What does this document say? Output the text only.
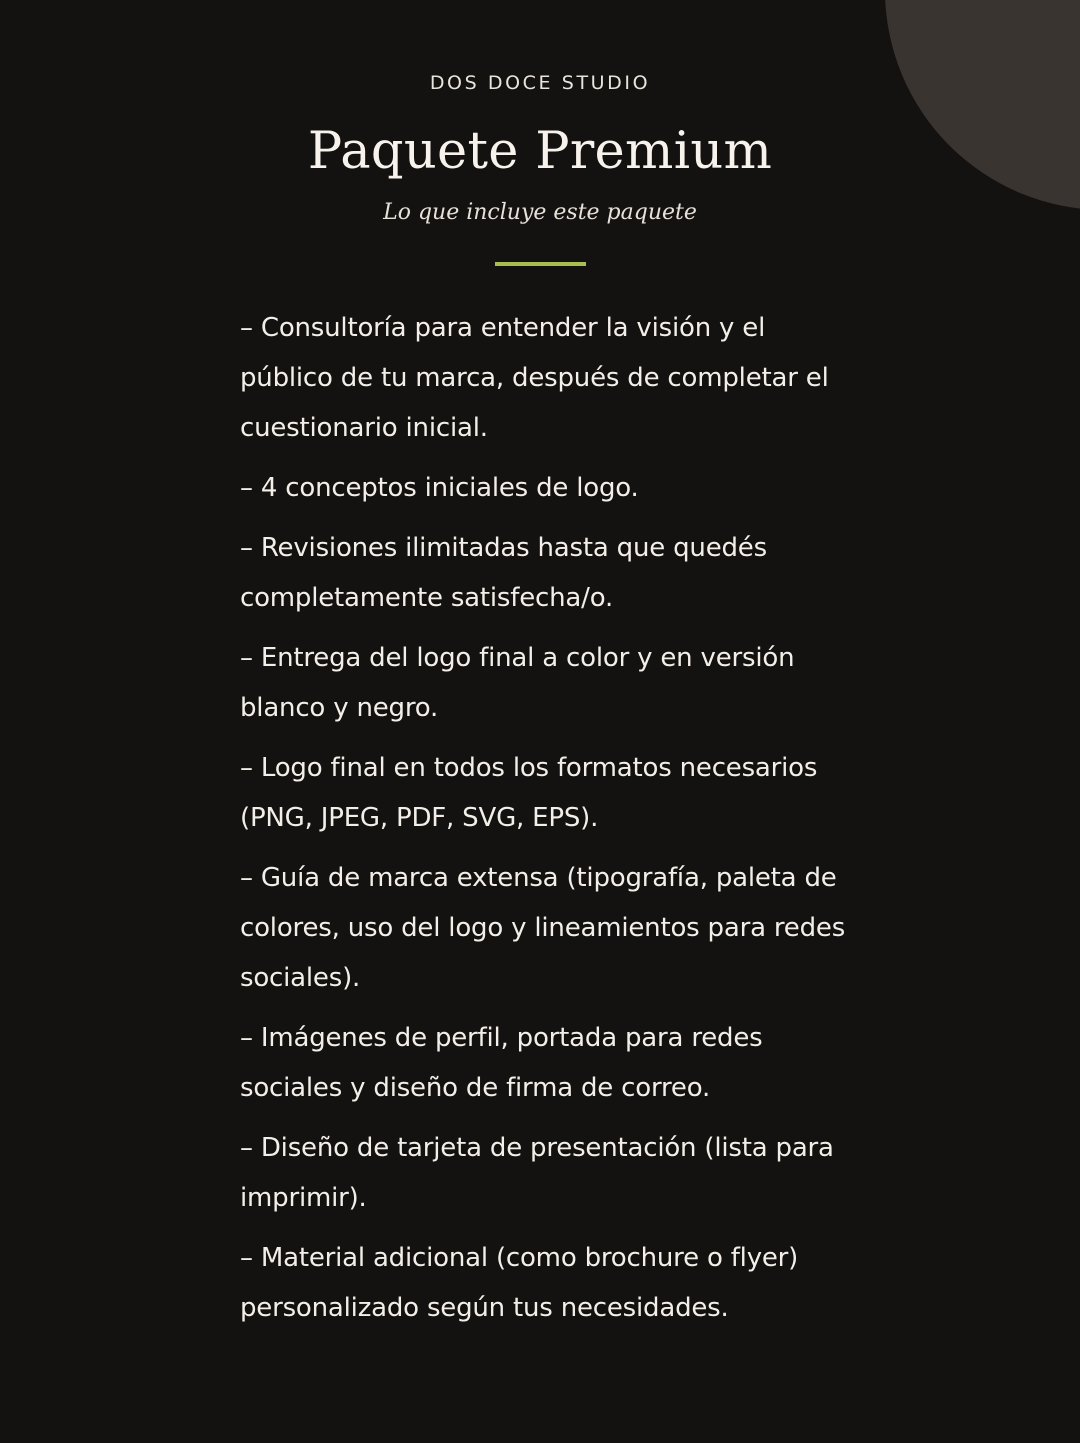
DOS DOCE STUDIO
Paquete Premium
Lo que incluye este paquete
– Consultoría para entender la visión y el público de tu marca, después de completar el cuestionario inicial.
– 4 conceptos iniciales de logo.
– Revisiones ilimitadas hasta que quedés completamente satisfecha/o.
– Entrega del logo final a color y en versión blanco y negro.
– Logo final en todos los formatos necesarios (PNG, JPEG, PDF, SVG, EPS).
– Guía de marca extensa (tipografía, paleta de colores, uso del logo y lineamientos para redes sociales).
– Imágenes de perfil, portada para redes sociales y diseño de firma de correo.
– Diseño de tarjeta de presentación (lista para imprimir).
– Material adicional (como brochure o flyer) personalizado según tus necesidades.
